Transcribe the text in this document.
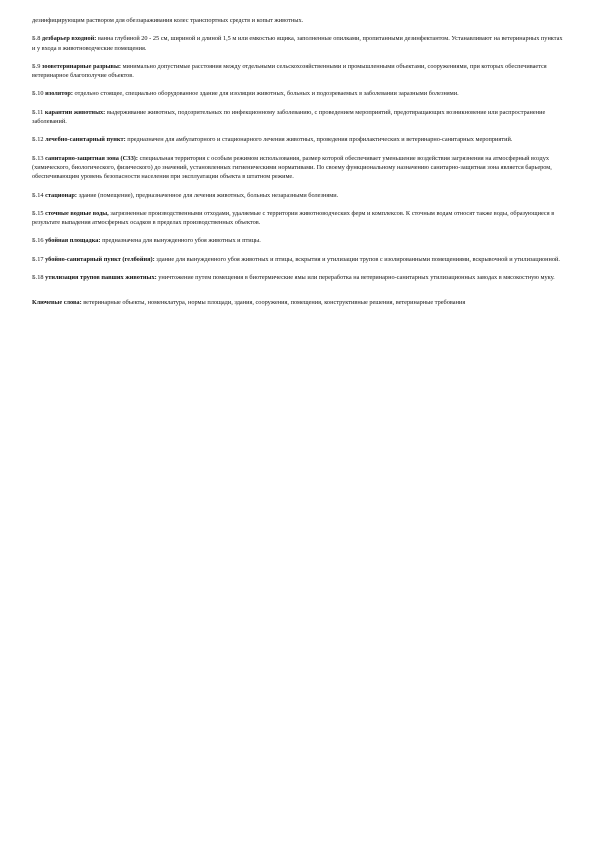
дезинфицирующим раствором для обеззараживания колес транспортных средств и копыт животных.

Б.8 дезбарьер входной: ванна глубиной 20 - 25 см, шириной и длиной 1,5 м или емкостью ящика, заполненные опилками, пропитанными дезинфектантом. Устанавливают на ветеринарных пунктах и у входа в животноводческие помещения.

Б.9 зооветеринарные разрывы: минимально допустимые расстояния между отдельными сельскохозяйственными и промышленными объектами, сооружениями, при которых обеспечивается ветеринарное благополучие объектов.

Б.10 изолятор: отдельно стоящее, специально оборудованное здание для изоляции животных, больных и подозреваемых в заболевании заразными болезнями.

Б.11 карантин животных: выдерживание животных, подозрительных по инфекционному заболеванию, с проведением мероприятий, предотвращающих возникновение или распространение заболеваний.

Б.12 лечебно-санитарный пункт: предназначен для амбулаторного и стационарного лечения животных, проведения профилактических и ветеринарно-санитарных мероприятий.

Б.13 санитарно-защитная зона (СЗЗ): специальная территория с особым режимом использования, размер которой обеспечивает уменьшение воздействия загрязнения на атмосферный воздух (химического, биологического, физического) до значений, установленных гигиеническими нормативами. По своему функциональному назначению санитарно-защитная зона является барьером, обеспечивающим уровень безопасности населения при эксплуатации объекта в штатном режиме.

Б.14 стационар: здание (помещение), предназначенное для лечения животных, больных незаразными болезнями.

Б.15 сточные водные воды, загрязненные производственными отходами, удаляемые с территории животноводческих ферм и комплексов. К сточным водам относят также воды, образующиеся в результате выпадения атмосферных осадков в пределах производственных объектов.

Б.16 убойная площадка: предназначена для вынужденного убоя животных и птицы.

Б.17 убойно-санитарный пункт (гелбойня): здание для вынужденного убоя животных и птицы, вскрытия и утилизации трупов с изолированными помещениями, вскрывочной и утилизационной.

Б.18 утилизация трупов павших животных: уничтожение путем помещения в биотермические ямы или переработка на ветеринарно-санитарных утилизационных заводах в мясокостную муку.

Ключевые слова: ветеринарные объекты, номенклатура, нормы площади, здания, сооружения, помещения, конструктивные решения, ветеринарные требования
